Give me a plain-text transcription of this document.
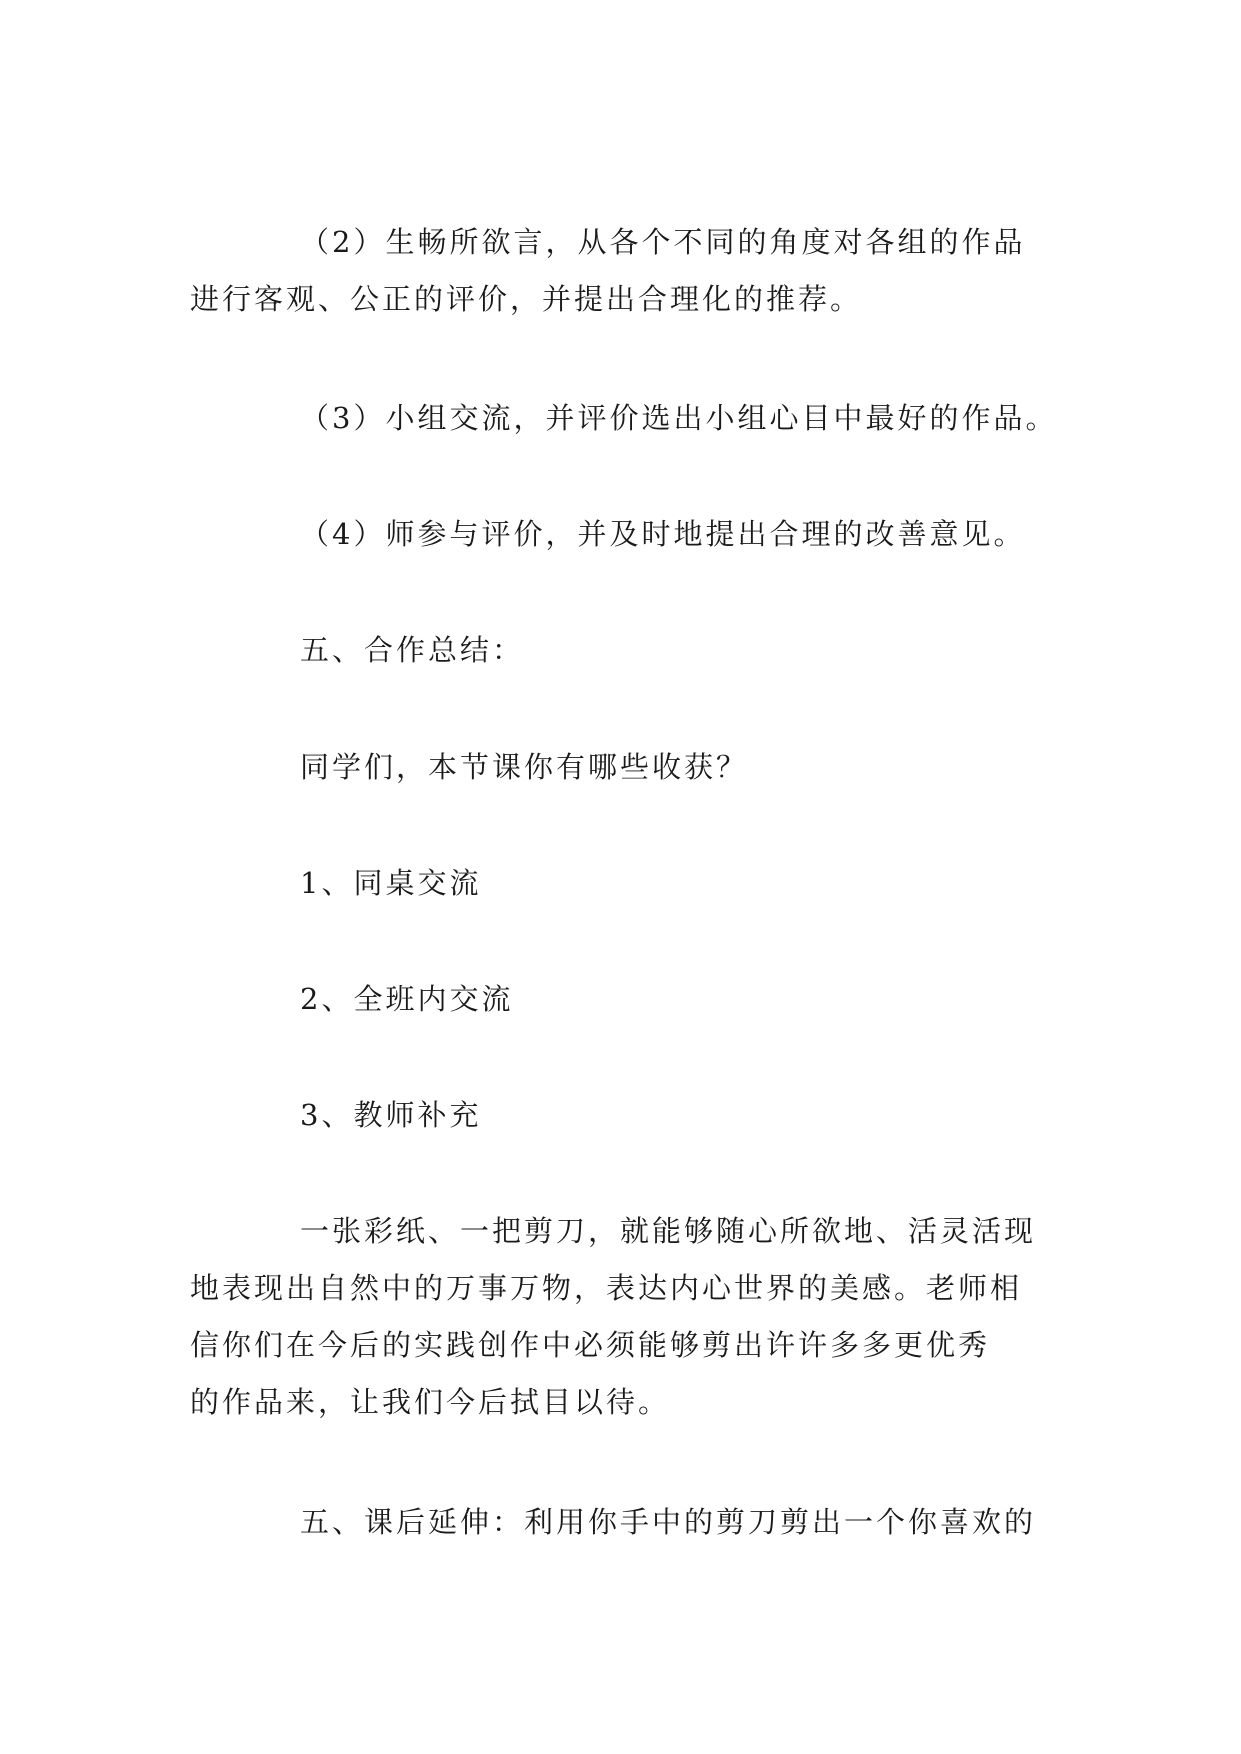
（2）生畅所欲言，从各个不同的角度对各组的作品
进行客观、公正的评价，并提出合理化的推荐。

（3）小组交流，并评价选出小组心目中最好的作品。

（4）师参与评价，并及时地提出合理的改善意见。

五、合作总结：

同学们，本节课你有哪些收获？

1、同桌交流

2、全班内交流

3、教师补充

一张彩纸、一把剪刀，就能够随心所欲地、活灵活现
地表现出自然中的万事万物，表达内心世界的美感。老师相
信你们在今后的实践创作中必须能够剪出许许多多更优秀
的作品来，让我们今后拭目以待。

五、课后延伸：利用你手中的剪刀剪出一个你喜欢的
